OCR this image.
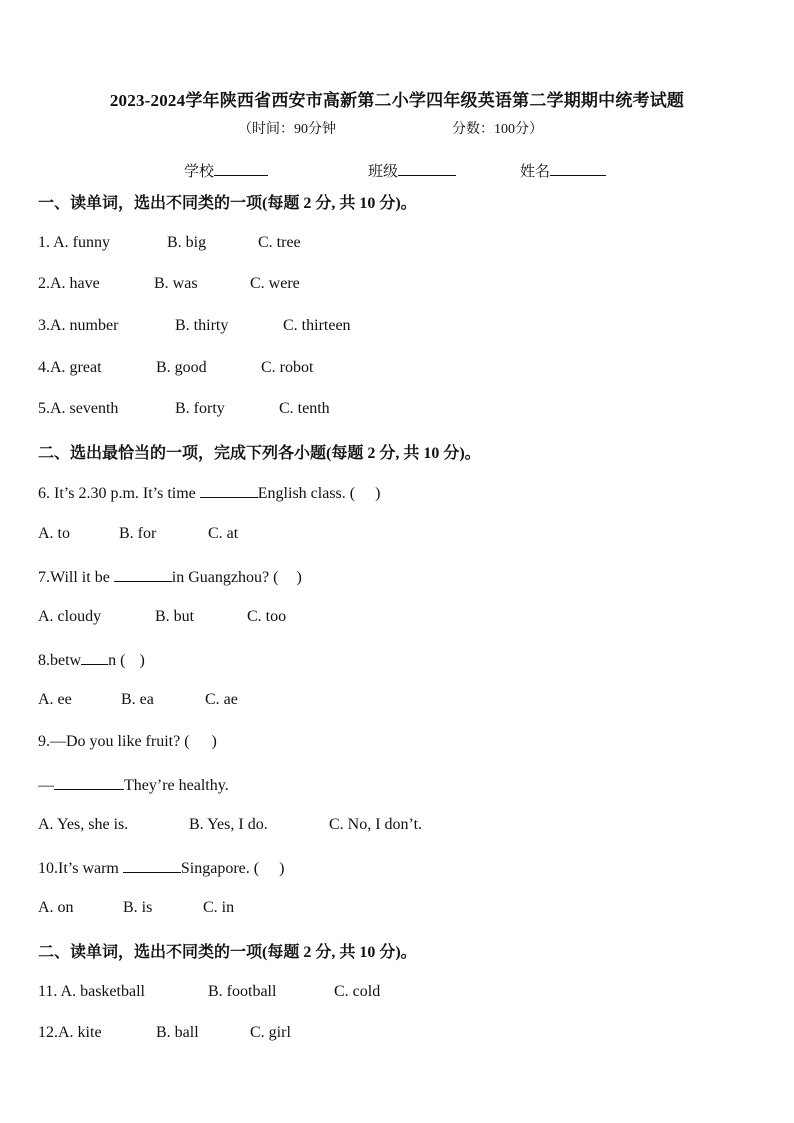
2023-2024学年陕西省西安市高新第二小学四年级英语第二学期期中统考试题
（时间：90分钟	分数：100分）
学校	班级	姓名
一、读单词，选出不同类的一项(每题 2 分, 共 10 分)。
1. A. funny	B. big	C. tree
2.A. have	B. was	C. were
3.A. number	B. thirty	C. thirteen
4.A. great	B. good	C. robot
5.A. seventh	B. forty	C. tenth
二、选出最恰当的一项，完成下列各小题(每题 2 分, 共 10 分)。
6. It’s 2.30 p.m. It’s time	English class. ( )
A. to	B. for	C. at
7.Will it be	in Guangzhou? ( )
A. cloudy	B. but	C. too
8.betw n ( )
A. ee	B. ea	C. ae
9.—Do you like fruit? ( )
—	They’re healthy.
A. Yes, she is.	B. Yes, I do.	C. No, I don’t.
10.It’s warm	Singapore. ( )
A. on	B. is	C. in
二、读单词，选出不同类的一项(每题 2 分, 共 10 分)。
11. A. basketball	B. football	C. cold
12.A. kite	B. ball	C. girl
